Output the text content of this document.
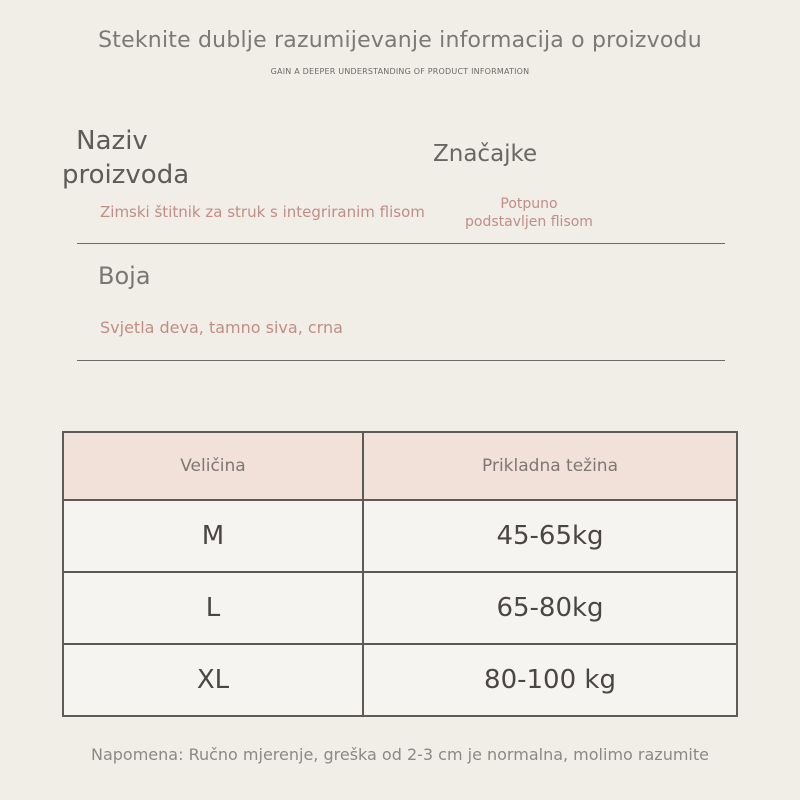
Steknite dublje razumijevanje informacija o proizvodu
GAIN A DEEPER UNDERSTANDING OF PRODUCT INFORMATION
Naziv proizvoda
Značajke
Zimski štitnik za struk s integriranim flisom	Potpuno podstavljen flisom
Boja
Svjetla deva, tamno siva, crna
Veličina	Prikladna težina
M	45-65kg
L	65-80kg
XL	80-100 kg
Napomena: Ručno mjerenje, greška od 2-3 cm je normalna, molimo razumite
